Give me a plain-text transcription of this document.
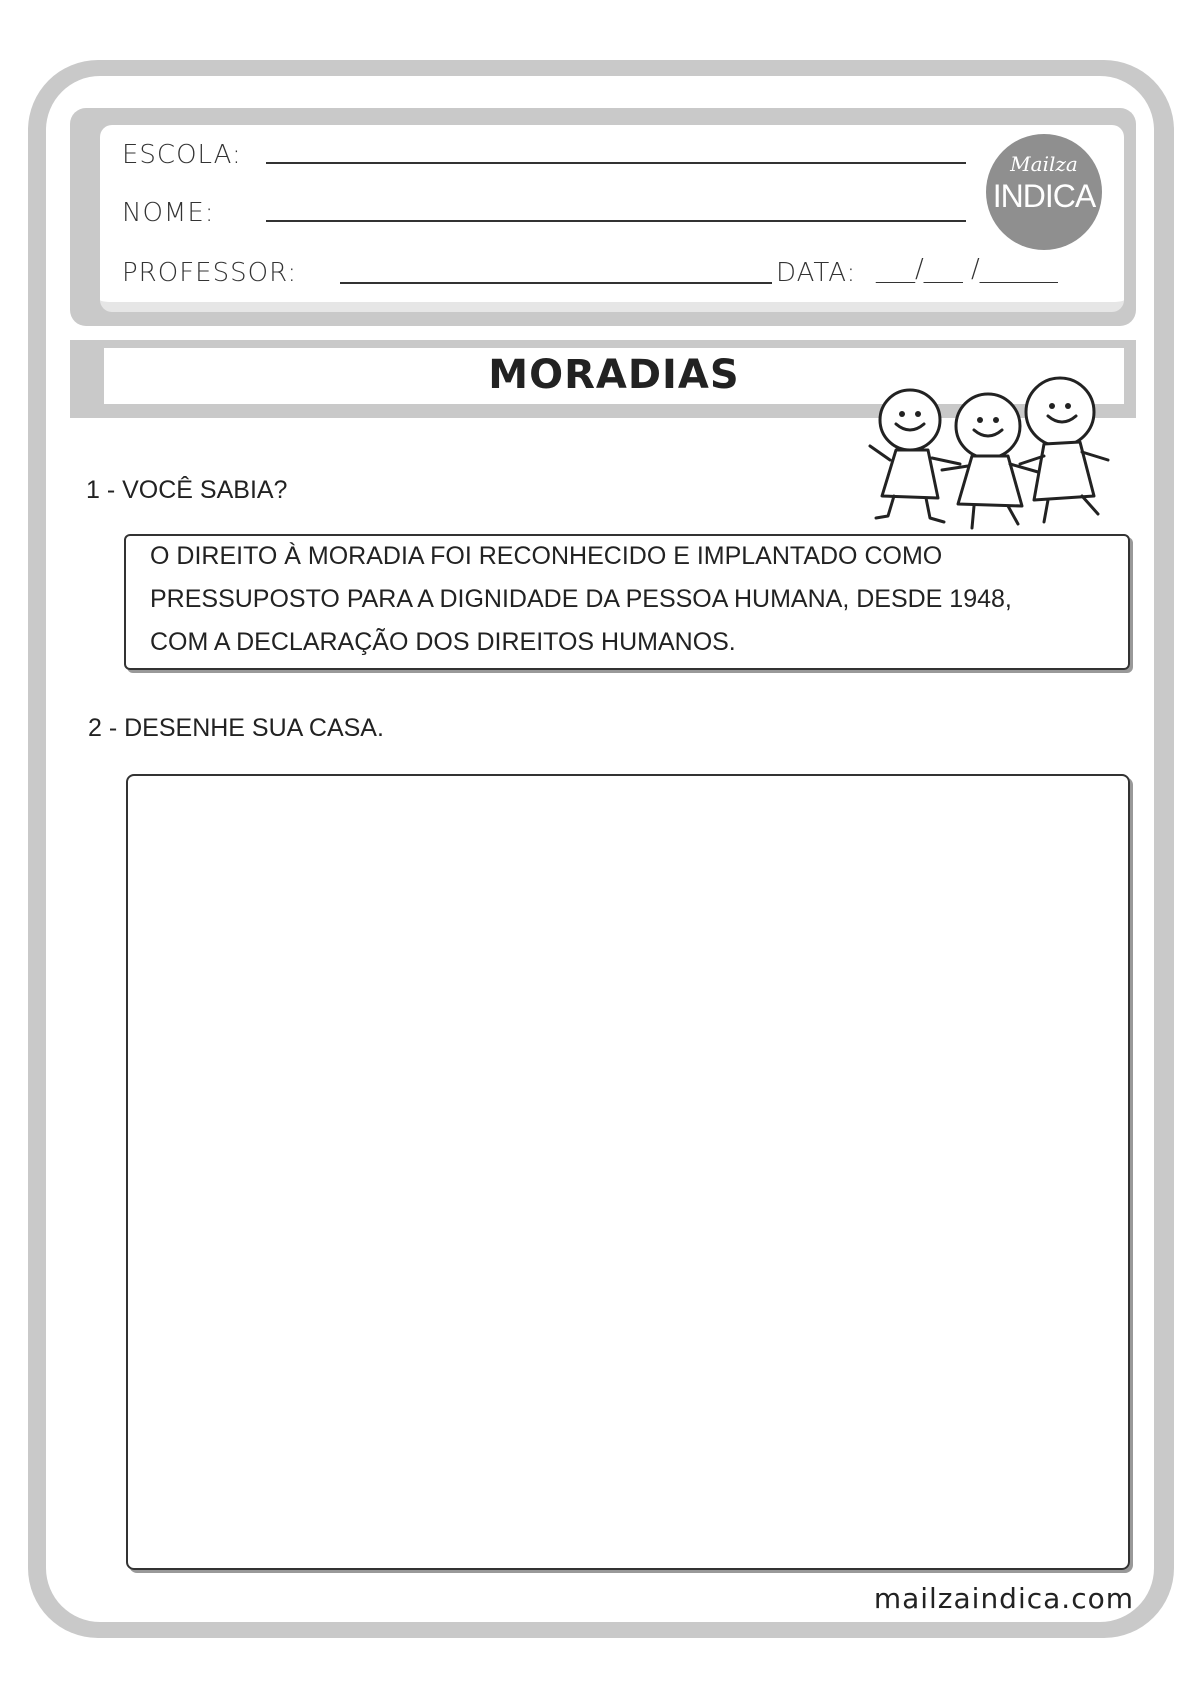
ESCOLA:
NOME:
PROFESSOR:	DATA: ___/___ /______
Mailza
INDICA
MORADIAS
1 - VOCÊ SABIA?
O DIREITO À MORADIA FOI RECONHECIDO E IMPLANTADO COMO
PRESSUPOSTO PARA A DIGNIDADE DA PESSOA HUMANA, DESDE 1948,
COM A DECLARAÇÃO DOS DIREITOS HUMANOS.
2 - DESENHE SUA CASA.
mailzaindica.com
